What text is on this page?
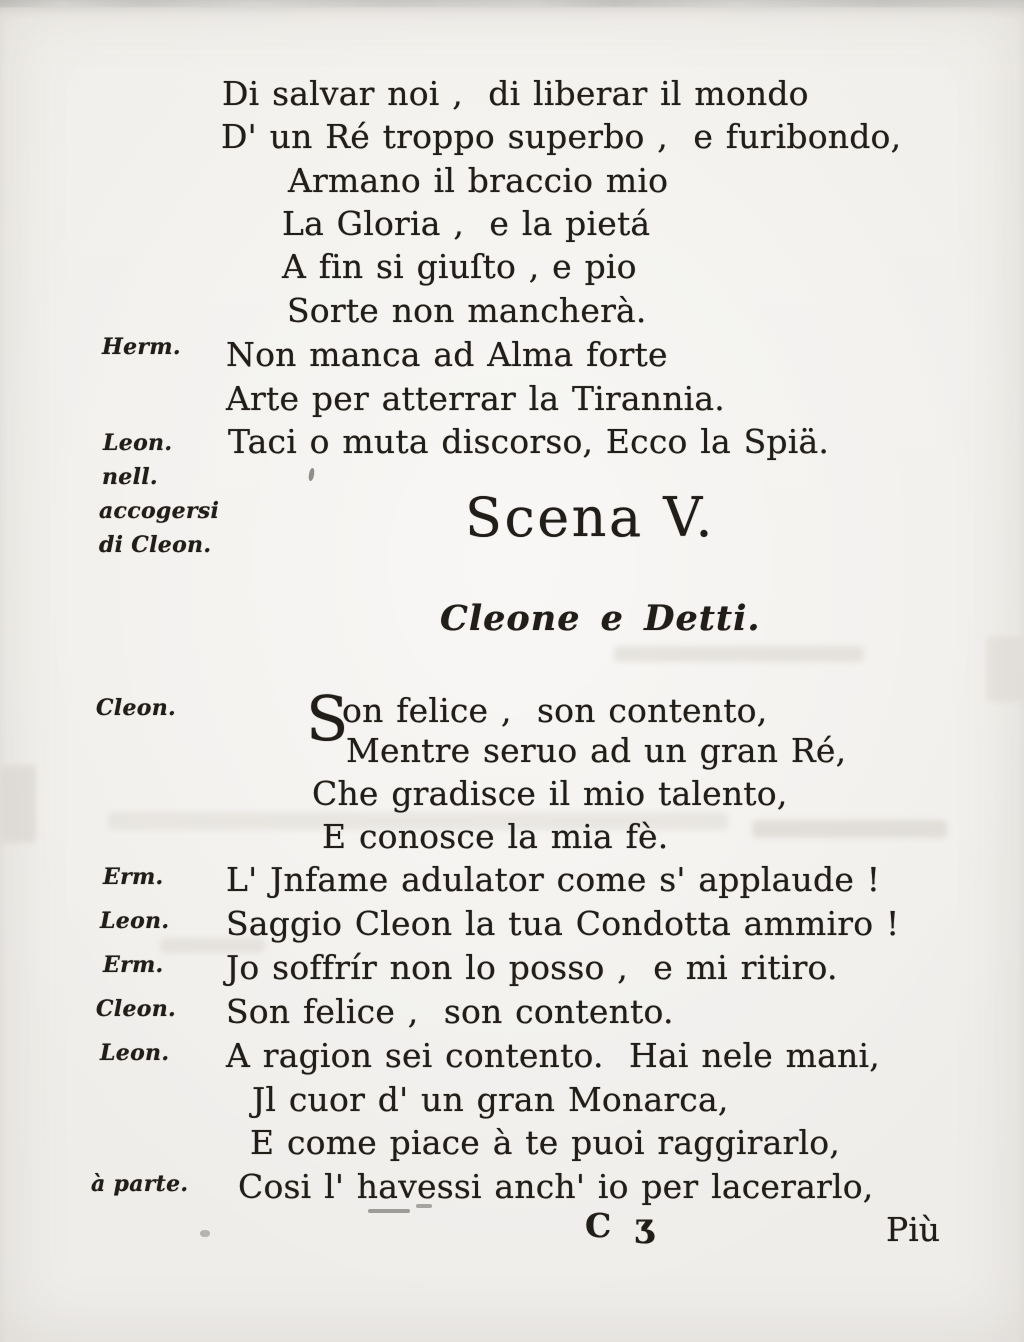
Herm.
Leon.
nell.
accogersi
di Cleon.
Cleon.
Erm.
Leon.
Erm.
Cleon.
Leon.
à parte.
Di salvar noi ,  di liberar il mondo
D' un Ré troppo superbo ,  e furibondo,
Armano il braccio mio
La Gloria ,  e la pietá
A fin si giuſto , e pio
Sorte non mancherà.
Non manca ad Alma forte
Arte per atterrar la Tirannia.
Taci o muta discorso, Ecco la Spiä.
Scena V.
Cleone e Detti.
S
on felice ,  son contento,
Mentre seruo ad un gran Ré,
Che gradisce il mio talento,
E conosce la mia fè.
L' Jnfame adulator come s' applaude !
Saggio Cleon la tua Condotta ammiro !
Jo soffrír non lo posso ,  e mi ritiro.
Son felice ,  son contento.
A ragion sei contento.  Hai nele mani,
Jl cuor d' un gran Monarca,
E come piace à te puoi raggirarlo,
Cosi l' havessi anch' io per lacerarlo,
C ʒ	Più
